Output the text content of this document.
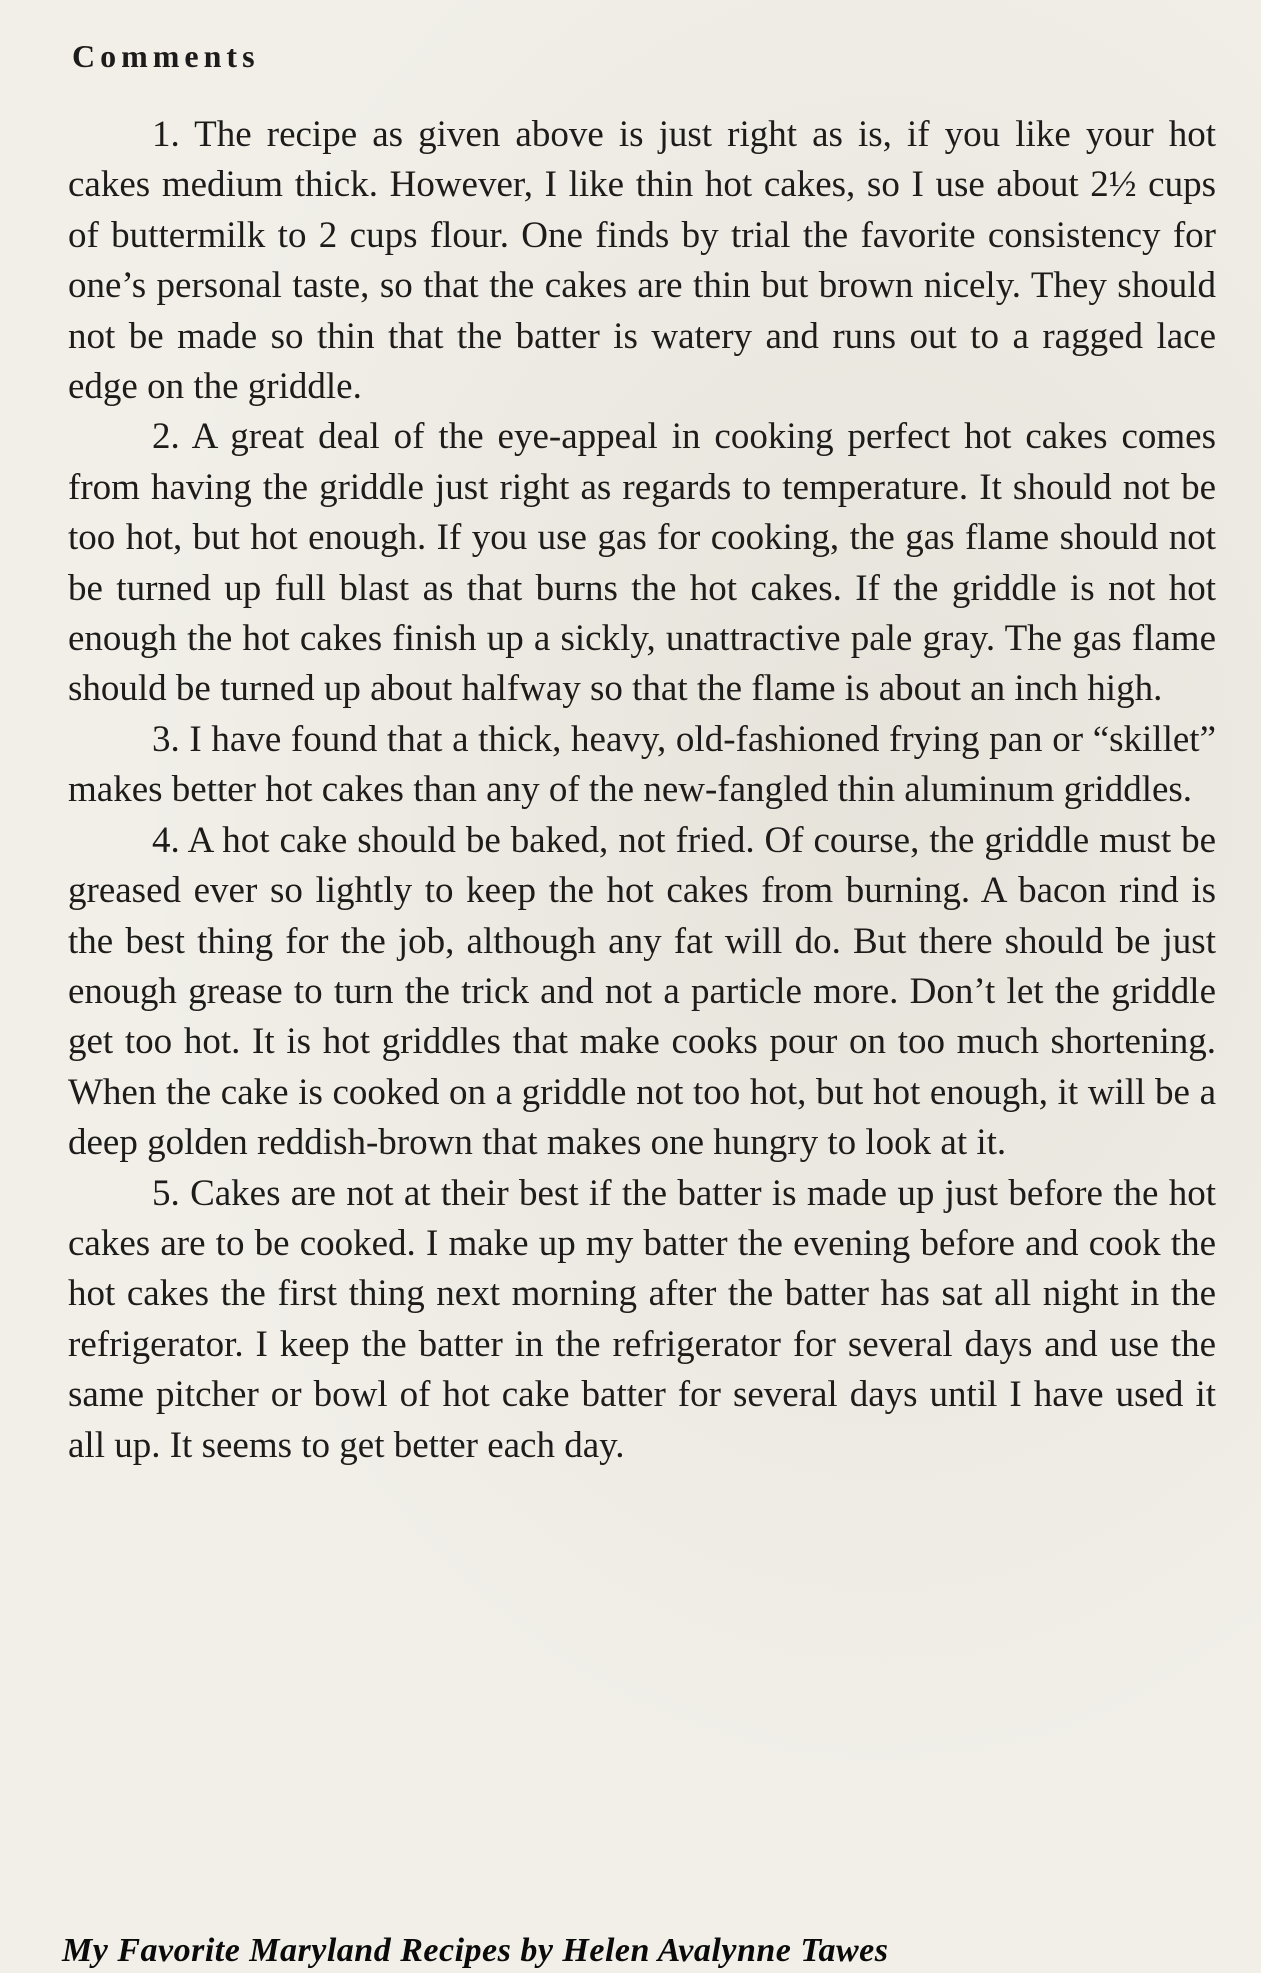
Comments

1. The recipe as given above is just right as is, if you like your hot cakes medium thick. However, I like thin hot cakes, so I use about 2½ cups of buttermilk to 2 cups flour. One finds by trial the favorite consistency for one’s personal taste, so that the cakes are thin but brown nicely. They should not be made so thin that the batter is watery and runs out to a ragged lace edge on the griddle.

2. A great deal of the eye-appeal in cooking perfect hot cakes comes from having the griddle just right as regards to temperature. It should not be too hot, but hot enough. If you use gas for cooking, the gas flame should not be turned up full blast as that burns the hot cakes. If the griddle is not hot enough the hot cakes finish up a sickly, unattractive pale gray. The gas flame should be turned up about halfway so that the flame is about an inch high.

3. I have found that a thick, heavy, old-fashioned frying pan or “skillet” makes better hot cakes than any of the new-fangled thin aluminum griddles.

4. A hot cake should be baked, not fried. Of course, the griddle must be greased ever so lightly to keep the hot cakes from burning. A bacon rind is the best thing for the job, although any fat will do. But there should be just enough grease to turn the trick and not a particle more. Don’t let the griddle get too hot. It is hot griddles that make cooks pour on too much shortening. When the cake is cooked on a griddle not too hot, but hot enough, it will be a deep golden reddish-brown that makes one hungry to look at it.

5. Cakes are not at their best if the batter is made up just before the hot cakes are to be cooked. I make up my batter the evening before and cook the hot cakes the first thing next morning after the batter has sat all night in the refrigerator. I keep the batter in the refrigerator for several days and use the same pitcher or bowl of hot cake batter for several days until I have used it all up. It seems to get better each day.

My Favorite Maryland Recipes by Helen Avalynne Tawes
